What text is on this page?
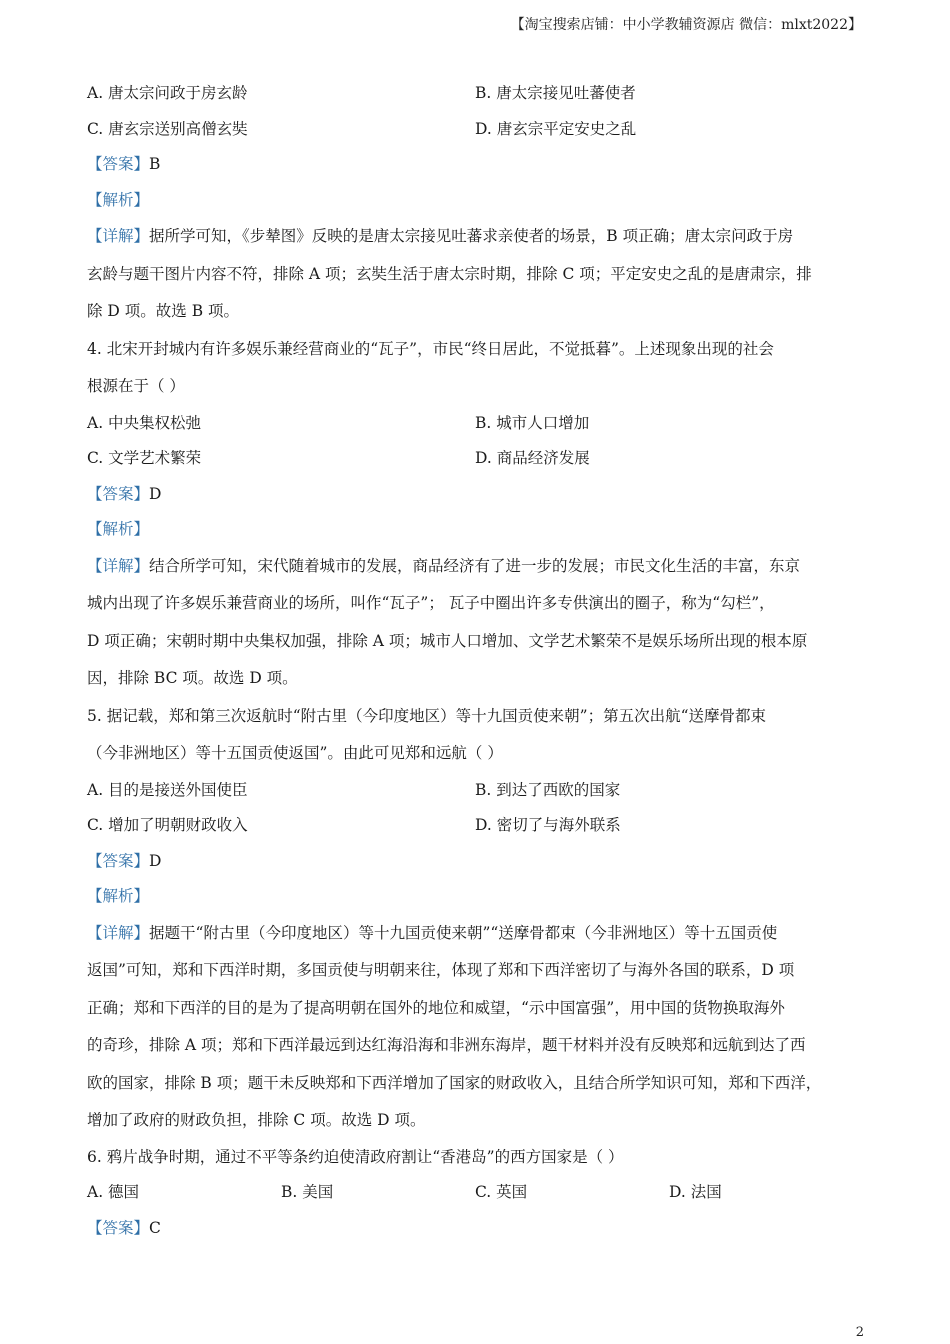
【淘宝搜索店铺：中小学教辅资源店 微信：mlxt2022】
A. 唐太宗问政于房玄龄	B. 唐太宗接见吐蕃使者
C. 唐玄宗送别高僧玄奘	D. 唐玄宗平定安史之乱
【答案】B
【解析】
【详解】据所学可知，《步辇图》反映的是唐太宗接见吐蕃求亲使者的场景，B 项正确；唐太宗问政于房
玄龄与题干图片内容不符，排除 A 项；玄奘生活于唐太宗时期，排除 C 项；平定安史之乱的是唐肃宗，排
除 D 项。故选 B 项。
4. 北宋开封城内有许多娱乐兼经营商业的“瓦子”，市民“终日居此，不觉抵暮”。上述现象出现的社会
根源在于（ ）
A. 中央集权松弛	B. 城市人口增加
C. 文学艺术繁荣	D. 商品经济发展
【答案】D
【解析】
【详解】结合所学可知，宋代随着城市的发展，商品经济有了进一步的发展；市民文化生活的丰富，东京
城内出现了许多娱乐兼营商业的场所，叫作“瓦子”； 瓦子中圈出许多专供演出的圈子，称为“勾栏”，
D 项正确；宋朝时期中央集权加强，排除 A 项；城市人口增加、文学艺术繁荣不是娱乐场所出现的根本原
因，排除 BC 项。故选 D 项。
5. 据记载，郑和第三次返航时“附古里（今印度地区）等十九国贡使来朝”；第五次出航“送摩骨都束
（今非洲地区）等十五国贡使返国”。由此可见郑和远航（ ）
A. 目的是接送外国使臣	B. 到达了西欧的国家
C. 增加了明朝财政收入	D. 密切了与海外联系
【答案】D
【解析】
【详解】据题干“附古里（今印度地区）等十九国贡使来朝”“送摩骨都束（今非洲地区）等十五国贡使
返国”可知，郑和下西洋时期，多国贡使与明朝来往，体现了郑和下西洋密切了与海外各国的联系，D 项
正确；郑和下西洋的目的是为了提高明朝在国外的地位和威望，“示中国富强”，用中国的货物换取海外
的奇珍，排除 A 项；郑和下西洋最远到达红海沿海和非洲东海岸，题干材料并没有反映郑和远航到达了西
欧的国家，排除 B 项；题干未反映郑和下西洋增加了国家的财政收入，且结合所学知识可知，郑和下西洋，
增加了政府的财政负担，排除 C 项。故选 D 项。
6. 鸦片战争时期，通过不平等条约迫使清政府割让“香港岛”的西方国家是（ ）
A. 德国	B. 美国	C. 英国	D. 法国
【答案】C
2
